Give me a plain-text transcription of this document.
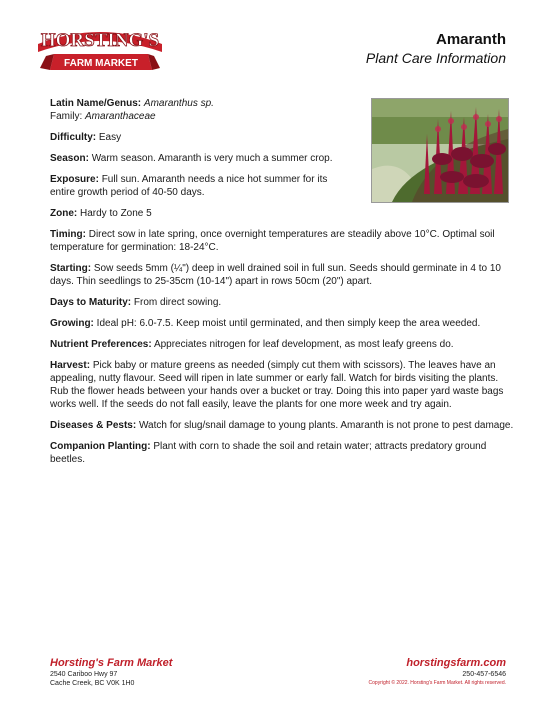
HORSTING'S
FARM MARKET
Amaranth
Plant Care Information

Latin Name/Genus: Amaranthus sp.
Family: Amaranthaceae

Difficulty: Easy

Season: Warm season. Amaranth is very much a summer crop.

Exposure: Full sun. Amaranth needs a nice hot summer for its entire growth period of 40-50 days.

Zone: Hardy to Zone 5

Timing: Direct sow in late spring, once overnight temperatures are steadily above 10°C. Optimal soil temperature for germination: 18-24°C.

Starting: Sow seeds 5mm (¼") deep in well drained soil in full sun. Seeds should germinate in 4 to 10 days. Thin seedlings to 25-35cm (10-14") apart in rows 50cm (20") apart.

Days to Maturity: From direct sowing.

Growing: Ideal pH: 6.0-7.5. Keep moist until germinated, and then simply keep the area weeded.

Nutrient Preferences: Appreciates nitrogen for leaf development, as most leafy greens do.

Harvest: Pick baby or mature greens as needed (simply cut them with scissors). The leaves have an appealing, nutty flavour. Seed will ripen in late summer or early fall. Watch for birds visiting the plants. Rub the flower heads between your hands over a bucket or tray. Doing this into paper yard waste bags works well. If the seeds do not fall easily, leave the plants for one more week and try again.

Diseases & Pests: Watch for slug/snail damage to young plants. Amaranth is not prone to pest damage.

Companion Planting: Plant with corn to shade the soil and retain water; attracts predatory ground beetles.

Horsting's Farm Market
2540 Cariboo Hwy 97
Cache Creek, BC V0K 1H0
horstingsfarm.com
250-457-6546
Copyright © 2022. Horsting's Farm Market. All rights reserved.
